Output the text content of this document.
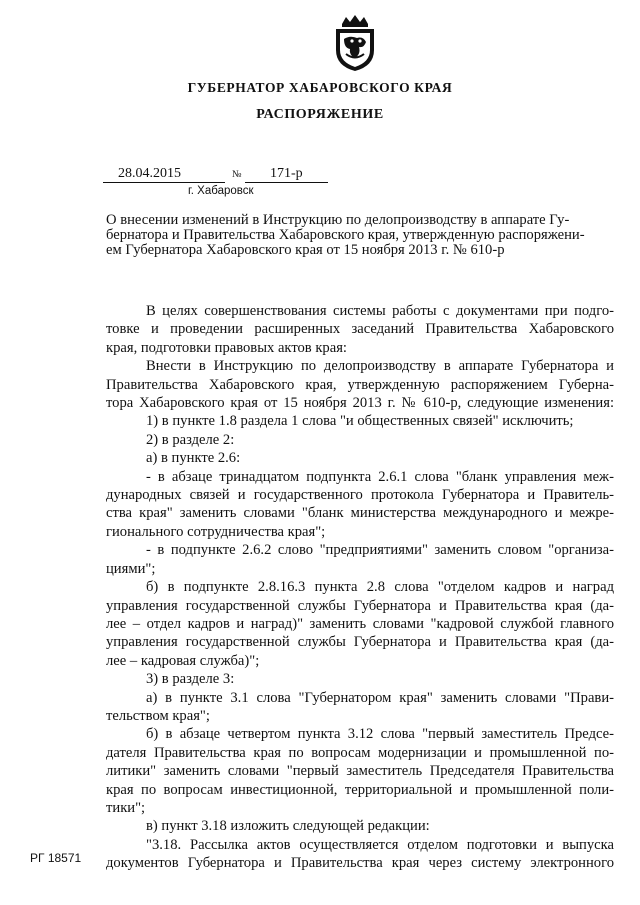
ГУБЕРНАТОР ХАБАРОВСКОГО КРАЯ
РАСПОРЯЖЕНИЕ
28.04.2015	№ 171-р
г. Хабаровск
О внесении изменений в Инструкцию по делопроизводству в аппарате Гу-
бернатора и Правительства Хабаровского края, утвержденную распоряжени-
ем Губернатора Хабаровского края от 15 ноября 2013 г. № 610-р

В целях совершенствования системы работы с документами при подго-

товке и проведении расширенных заседаний Правительства Хабаровского

края, подготовки правовых актов края:

Внести в Инструкцию по делопроизводству в аппарате Губернатора и

Правительства Хабаровского края, утвержденную распоряжением Губерна-

тора Хабаровского края от 15 ноября 2013 г. № 610-р, следующие изменения:

1) в пункте 1.8 раздела 1 слова "и общественных связей" исключить;

2) в разделе 2:

а) в пункте 2.6:

- в абзаце тринадцатом подпункта 2.6.1 слова "бланк управления меж-

дународных связей и государственного протокола Губернатора и Правитель-

ства края" заменить словами "бланк министерства международного и межре-

гионального сотрудничества края";

- в подпункте 2.6.2 слово "предприятиями" заменить словом "организа-

циями";

б) в подпункте 2.8.16.3 пункта 2.8 слова "отделом кадров и наград

управления государственной службы Губернатора и Правительства края (да-

лее – отдел кадров и наград)" заменить словами "кадровой службой главного

управления государственной службы Губернатора и Правительства края (да-

лее – кадровая служба)";

3) в разделе 3:

а) в пункте 3.1 слова "Губернатором края" заменить словами "Прави-

тельством края";

б) в абзаце четвертом пункта 3.12 слова "первый заместитель Предсе-

дателя Правительства края по вопросам модернизации и промышленной по-

литики" заменить словами "первый заместитель Председателя Правительства

края по вопросам инвестиционной, территориальной и промышленной поли-

тики";

в) пункт 3.18 изложить следующей редакции:

"3.18. Рассылка актов осуществляется отделом подготовки и выпуска

документов Губернатора и Правительства края через систему электронного

РГ 18571
